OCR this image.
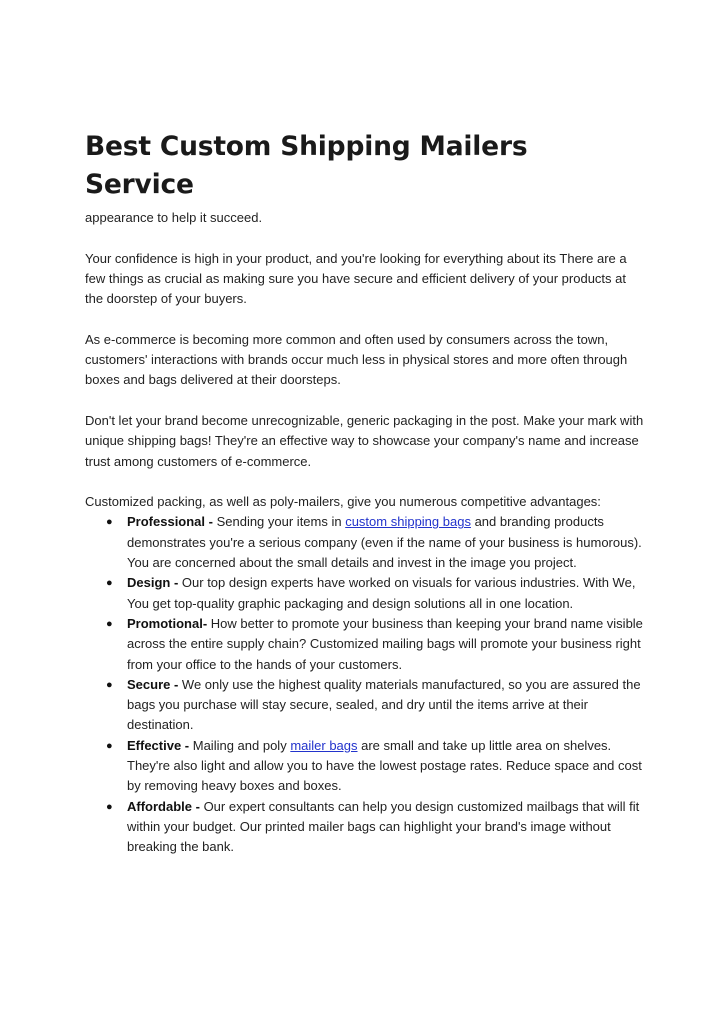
Best Custom Shipping Mailers Service

appearance to help it succeed.

Your confidence is high in your product, and you're looking for everything about its There are a few things as crucial as making sure you have secure and efficient delivery of your products at the doorstep of your buyers.

As e-commerce is becoming more common and often used by consumers across the town, customers' interactions with brands occur much less in physical stores and more often through boxes and bags delivered at their doorsteps.

Don't let your brand become unrecognizable, generic packaging in the post. Make your mark with unique shipping bags! They're an effective way to showcase your company's name and increase trust among customers of e-commerce.

Customized packing, as well as poly-mailers, give you numerous competitive advantages:

● Professional - Sending your items in custom shipping bags and branding products demonstrates you're a serious company (even if the name of your business is humorous). You are concerned about the small details and invest in the image you project.
● Design - Our top design experts have worked on visuals for various industries. With We, You get top-quality graphic packaging and design solutions all in one location.
● Promotional- How better to promote your business than keeping your brand name visible across the entire supply chain? Customized mailing bags will promote your business right from your office to the hands of your customers.
● Secure - We only use the highest quality materials manufactured, so you are assured the bags you purchase will stay secure, sealed, and dry until the items arrive at their destination.
● Effective - Mailing and poly mailer bags are small and take up little area on shelves. They're also light and allow you to have the lowest postage rates. Reduce space and cost by removing heavy boxes and boxes.
● Affordable - Our expert consultants can help you design customized mailbags that will fit within your budget. Our printed mailer bags can highlight your brand's image without breaking the bank.
